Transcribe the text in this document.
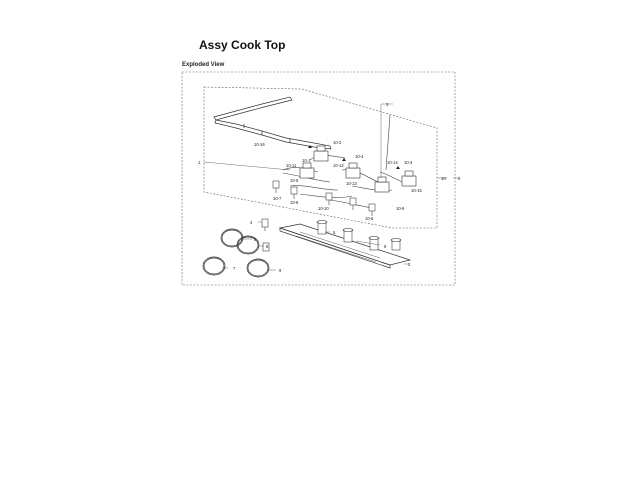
Assy Cook Top
Exploded View
1
2
3
4
5
5
6
7
8
9
10	9
10-1
10-2
10-3
10-4
10-5
10-6
10-7
10-8
10-9
10-10
10-11	10-12
10-13
10-14
10-15
10-16
